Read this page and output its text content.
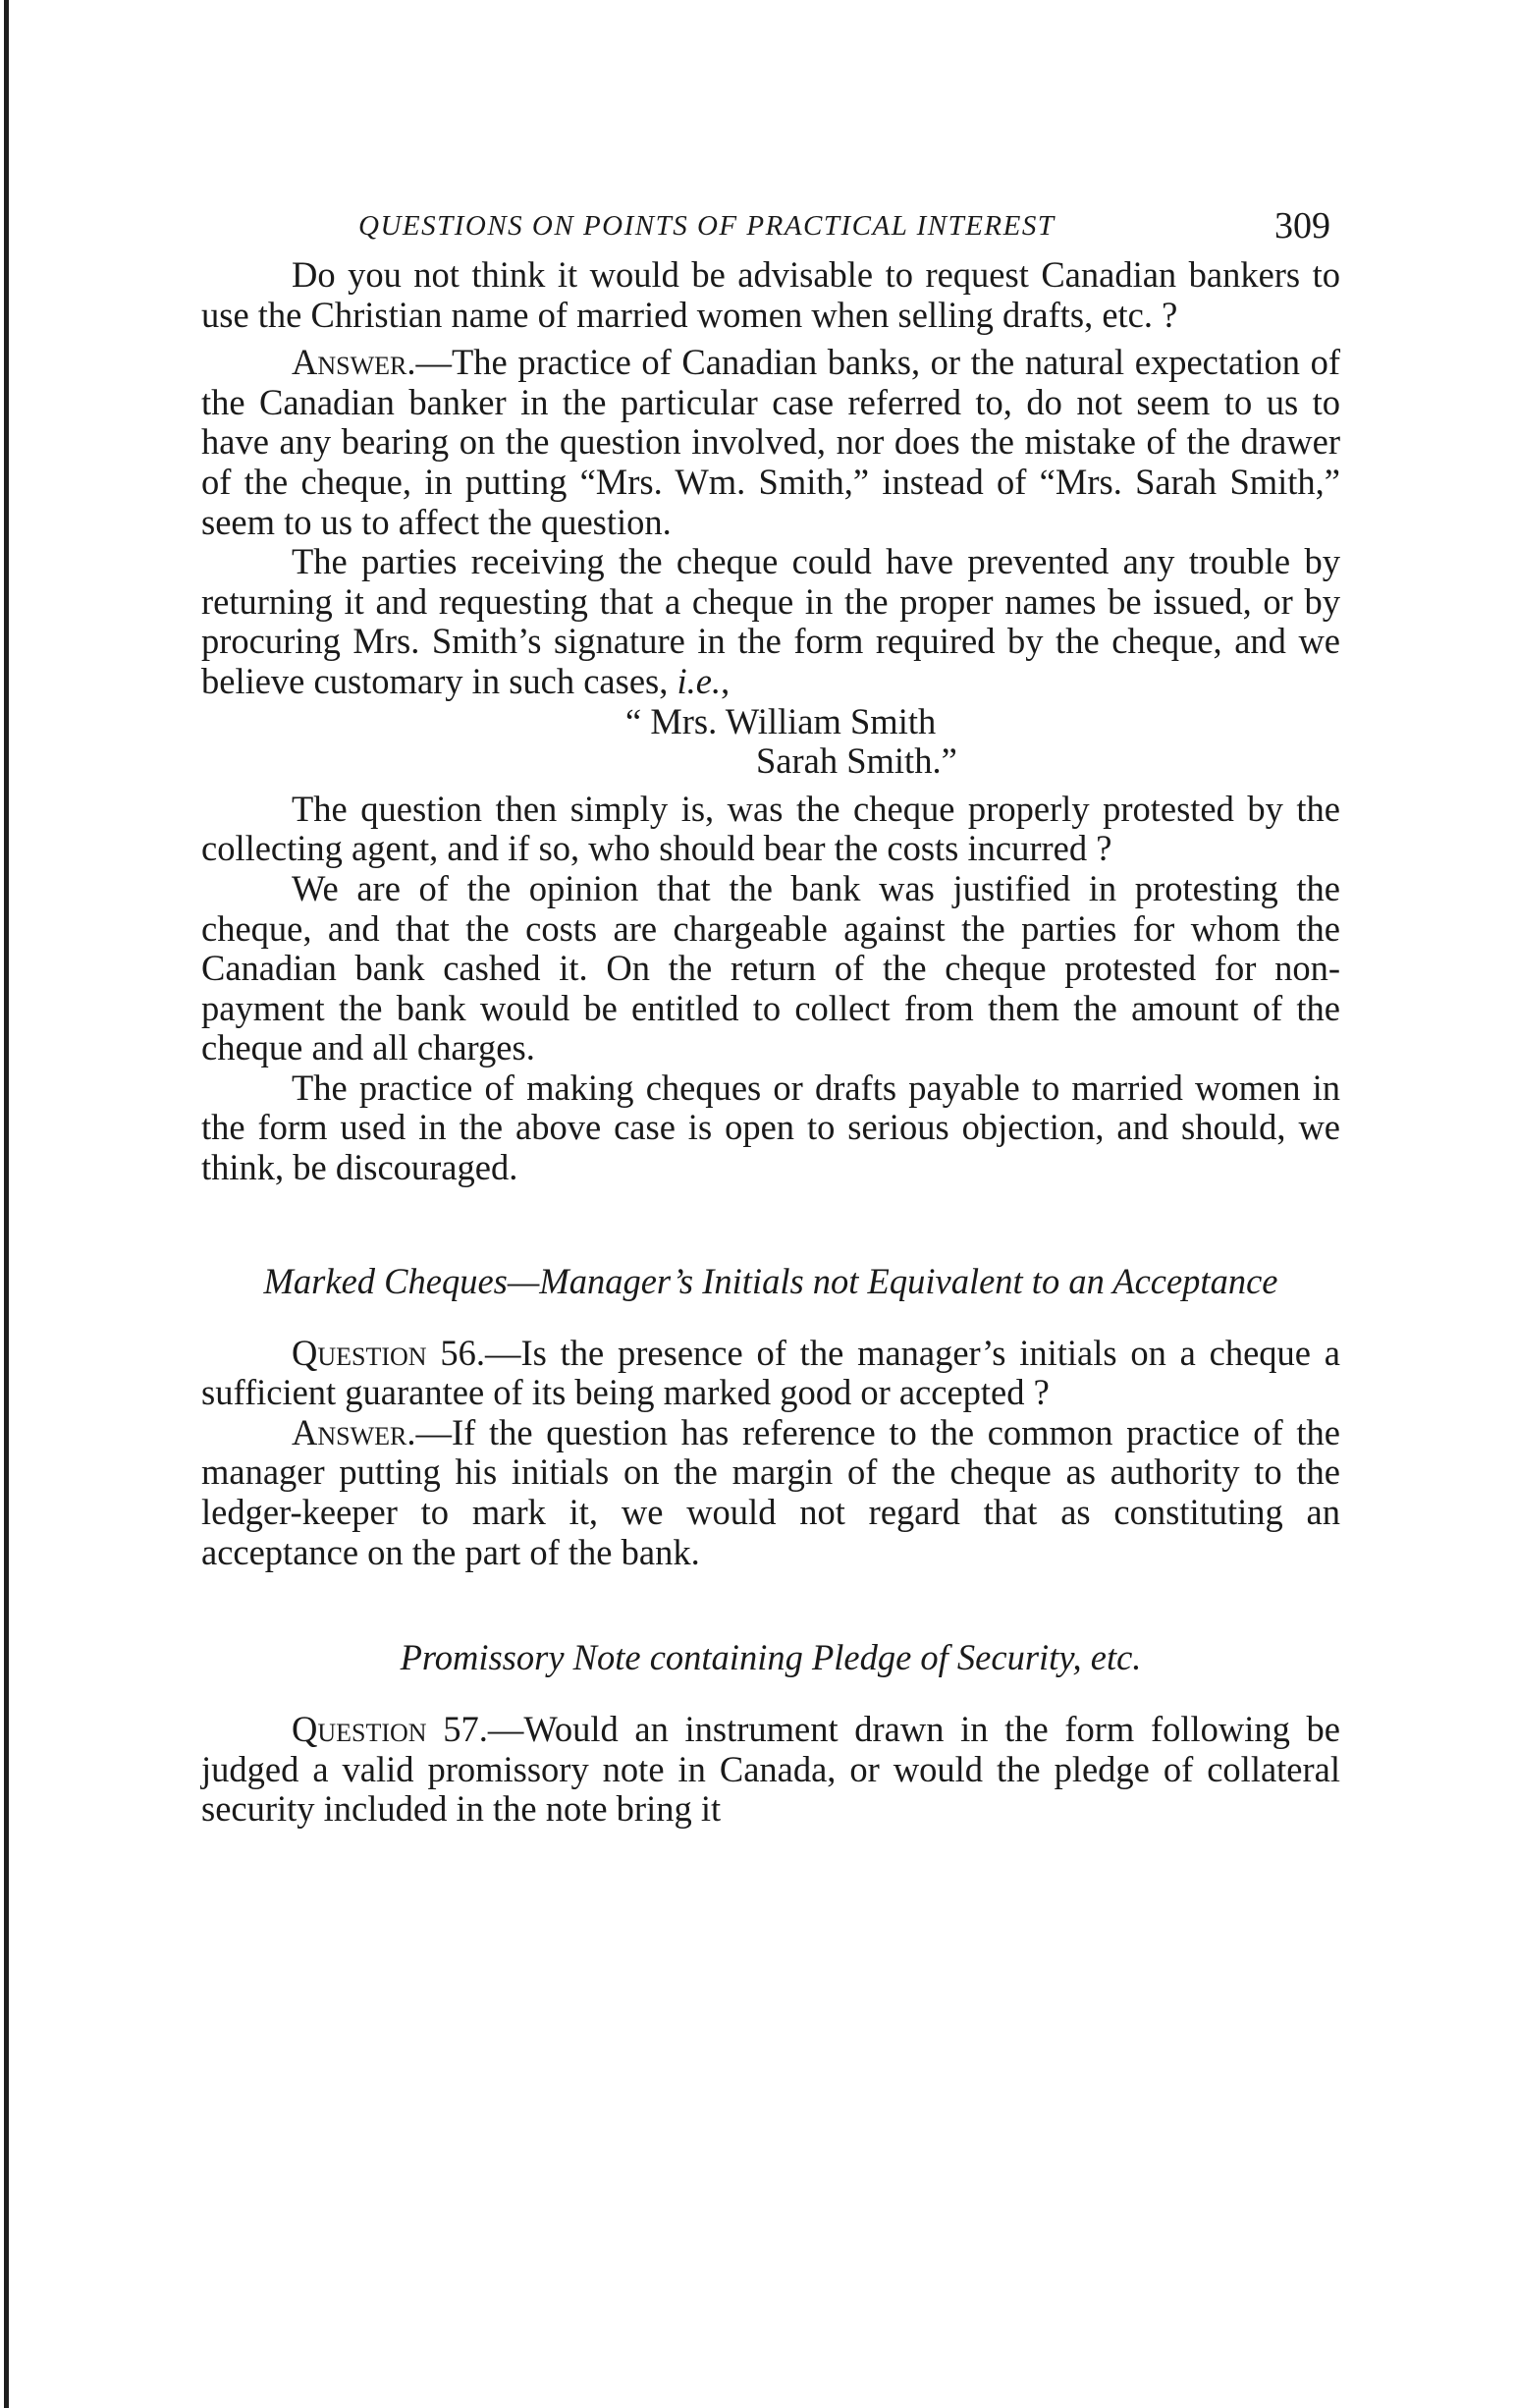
QUESTIONS ON POINTS OF PRACTICAL INTEREST	309

Do you not think it would be advisable to request Canadian bankers to use the Christian name of married women when selling drafts, etc. ?

Answer.—The practice of Canadian banks, or the natural expectation of the Canadian banker in the particular case referred to, do not seem to us to have any bearing on the question involved, nor does the mistake of the drawer of the cheque, in putting “Mrs. Wm. Smith,” instead of “Mrs. Sarah Smith,” seem to us to affect the question.

The parties receiving the cheque could have prevented any trouble by returning it and requesting that a cheque in the proper names be issued, or by procuring Mrs. Smith’s signature in the form required by the cheque, and we believe customary in such cases, i.e.,

“ Mrs. William Smith
Sarah Smith.”

The question then simply is, was the cheque properly protested by the collecting agent, and if so, who should bear the costs incurred ?

We are of the opinion that the bank was justified in protesting the cheque, and that the costs are chargeable against the parties for whom the Canadian bank cashed it. On the return of the cheque protested for non-payment the bank would be entitled to collect from them the amount of the cheque and all charges.

The practice of making cheques or drafts payable to married women in the form used in the above case is open to serious objection, and should, we think, be discouraged.

Marked Cheques—Manager’s Initials not Equivalent to an Acceptance

Question 56.—Is the presence of the manager’s initials on a cheque a sufficient guarantee of its being marked good or accepted ?

Answer.—If the question has reference to the common practice of the manager putting his initials on the margin of the cheque as authority to the ledger-keeper to mark it, we would not regard that as constituting an acceptance on the part of the bank.

Promissory Note containing Pledge of Security, etc.

Question 57.—Would an instrument drawn in the form following be judged a valid promissory note in Canada, or would the pledge of collateral security included in the note bring it
